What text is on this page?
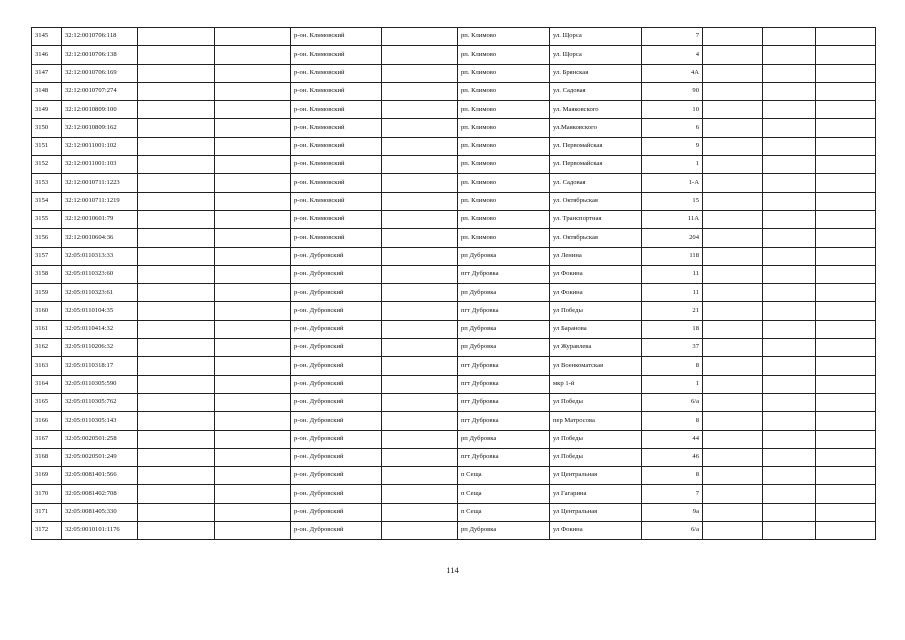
3145	32:12:0010706:118			р-он. Климовский		рп. Климово	ул. Щорса	7			
3146	32:12:0010706:138			р-он. Климовский		рп. Климово	ул. Щорса	4			
3147	32:12:0010706:169			р-он. Климовский		рп. Климово	ул. Брянская	4А			
3148	32:12:0010707:274			р-он. Климовский		рп. Климово	ул. Садовая	90			
3149	32:12:0010809:100			р-он. Климовский		рп. Климово	ул. Маяковского	10			
3150	32:12:0010809:162			р-он. Климовский		рп. Климово	ул.Маяковского	6			
3151	32:12:0011001:102			р-он. Климовский		рп. Климово	ул. Первомайская	9			
3152	32:12:0011001:103			р-он. Климовский		рп. Климово	ул. Первомайская	1			
3153	32:12:0010711:1223			р-он. Климовский		рп. Климово	ул. Садовая	1-А			
3154	32:12:0010711:1219			р-он. Климовский		рп. Климово	ул. Октябрьская	15			
3155	32:12:0010601:79			р-он. Климовский		рп. Климово	ул. Транспортная	11А			
3156	32:12:0010604:36			р-он. Климовский		рп. Климово	ул. Октябрьская	204			
3157	32:05:0110313:33			р-он. Дубровский		рп Дубровка	ул Ленина	118			
3158	32:05:0110323:60			р-он. Дубровский		пгт Дубровка	ул Фокина	11			
3159	32:05:0110323:61			р-он. Дубровский		рп Дубровка	ул Фокина	11			
3160	32:05:0110104:35			р-он. Дубровский		пгт Дубровка	ул Победы	21			
3161	32:05:0110414:32			р-он. Дубровский		рп Дубровка	ул Баранова	18			
3162	32:05:0110206:32			р-он. Дубровский		рп Дубровка	ул Журавлева	37			
3163	32:05:0110318:17			р-он. Дубровский		пгт Дубровка	ул Военкоматская	8			
3164	32:05:0110305:590			р-он. Дубровский		пгт Дубровка	мкр 1-й	1			
3165	32:05:0110305:762			р-он. Дубровский		пгт Дубровка	ул Победы	6/а			
3166	32:05:0110305:143			р-он. Дубровский		пгт Дубровка	пер Матросова	8			
3167	32:05:0020501:258			р-он. Дубровский		рп Дубровка	ул Победы	44			
3168	32:05:0020501:249			р-он. Дубровский		пгт Дубровка	ул Победы	46			
3169	32:05:0081401:566			р-он. Дубровский		п Сеща	ул Центральная	8			
3170	32:05:0081402:708			р-он. Дубровский		п Сеща	ул Гагарина	7			
3171	32:05:0081405:330			р-он. Дубровский		п Сеща	ул Центральная	9а			
3172	32:05:0010101:1176			р-он. Дубровский		рп Дубровка	ул Фокина	6/а			
114
